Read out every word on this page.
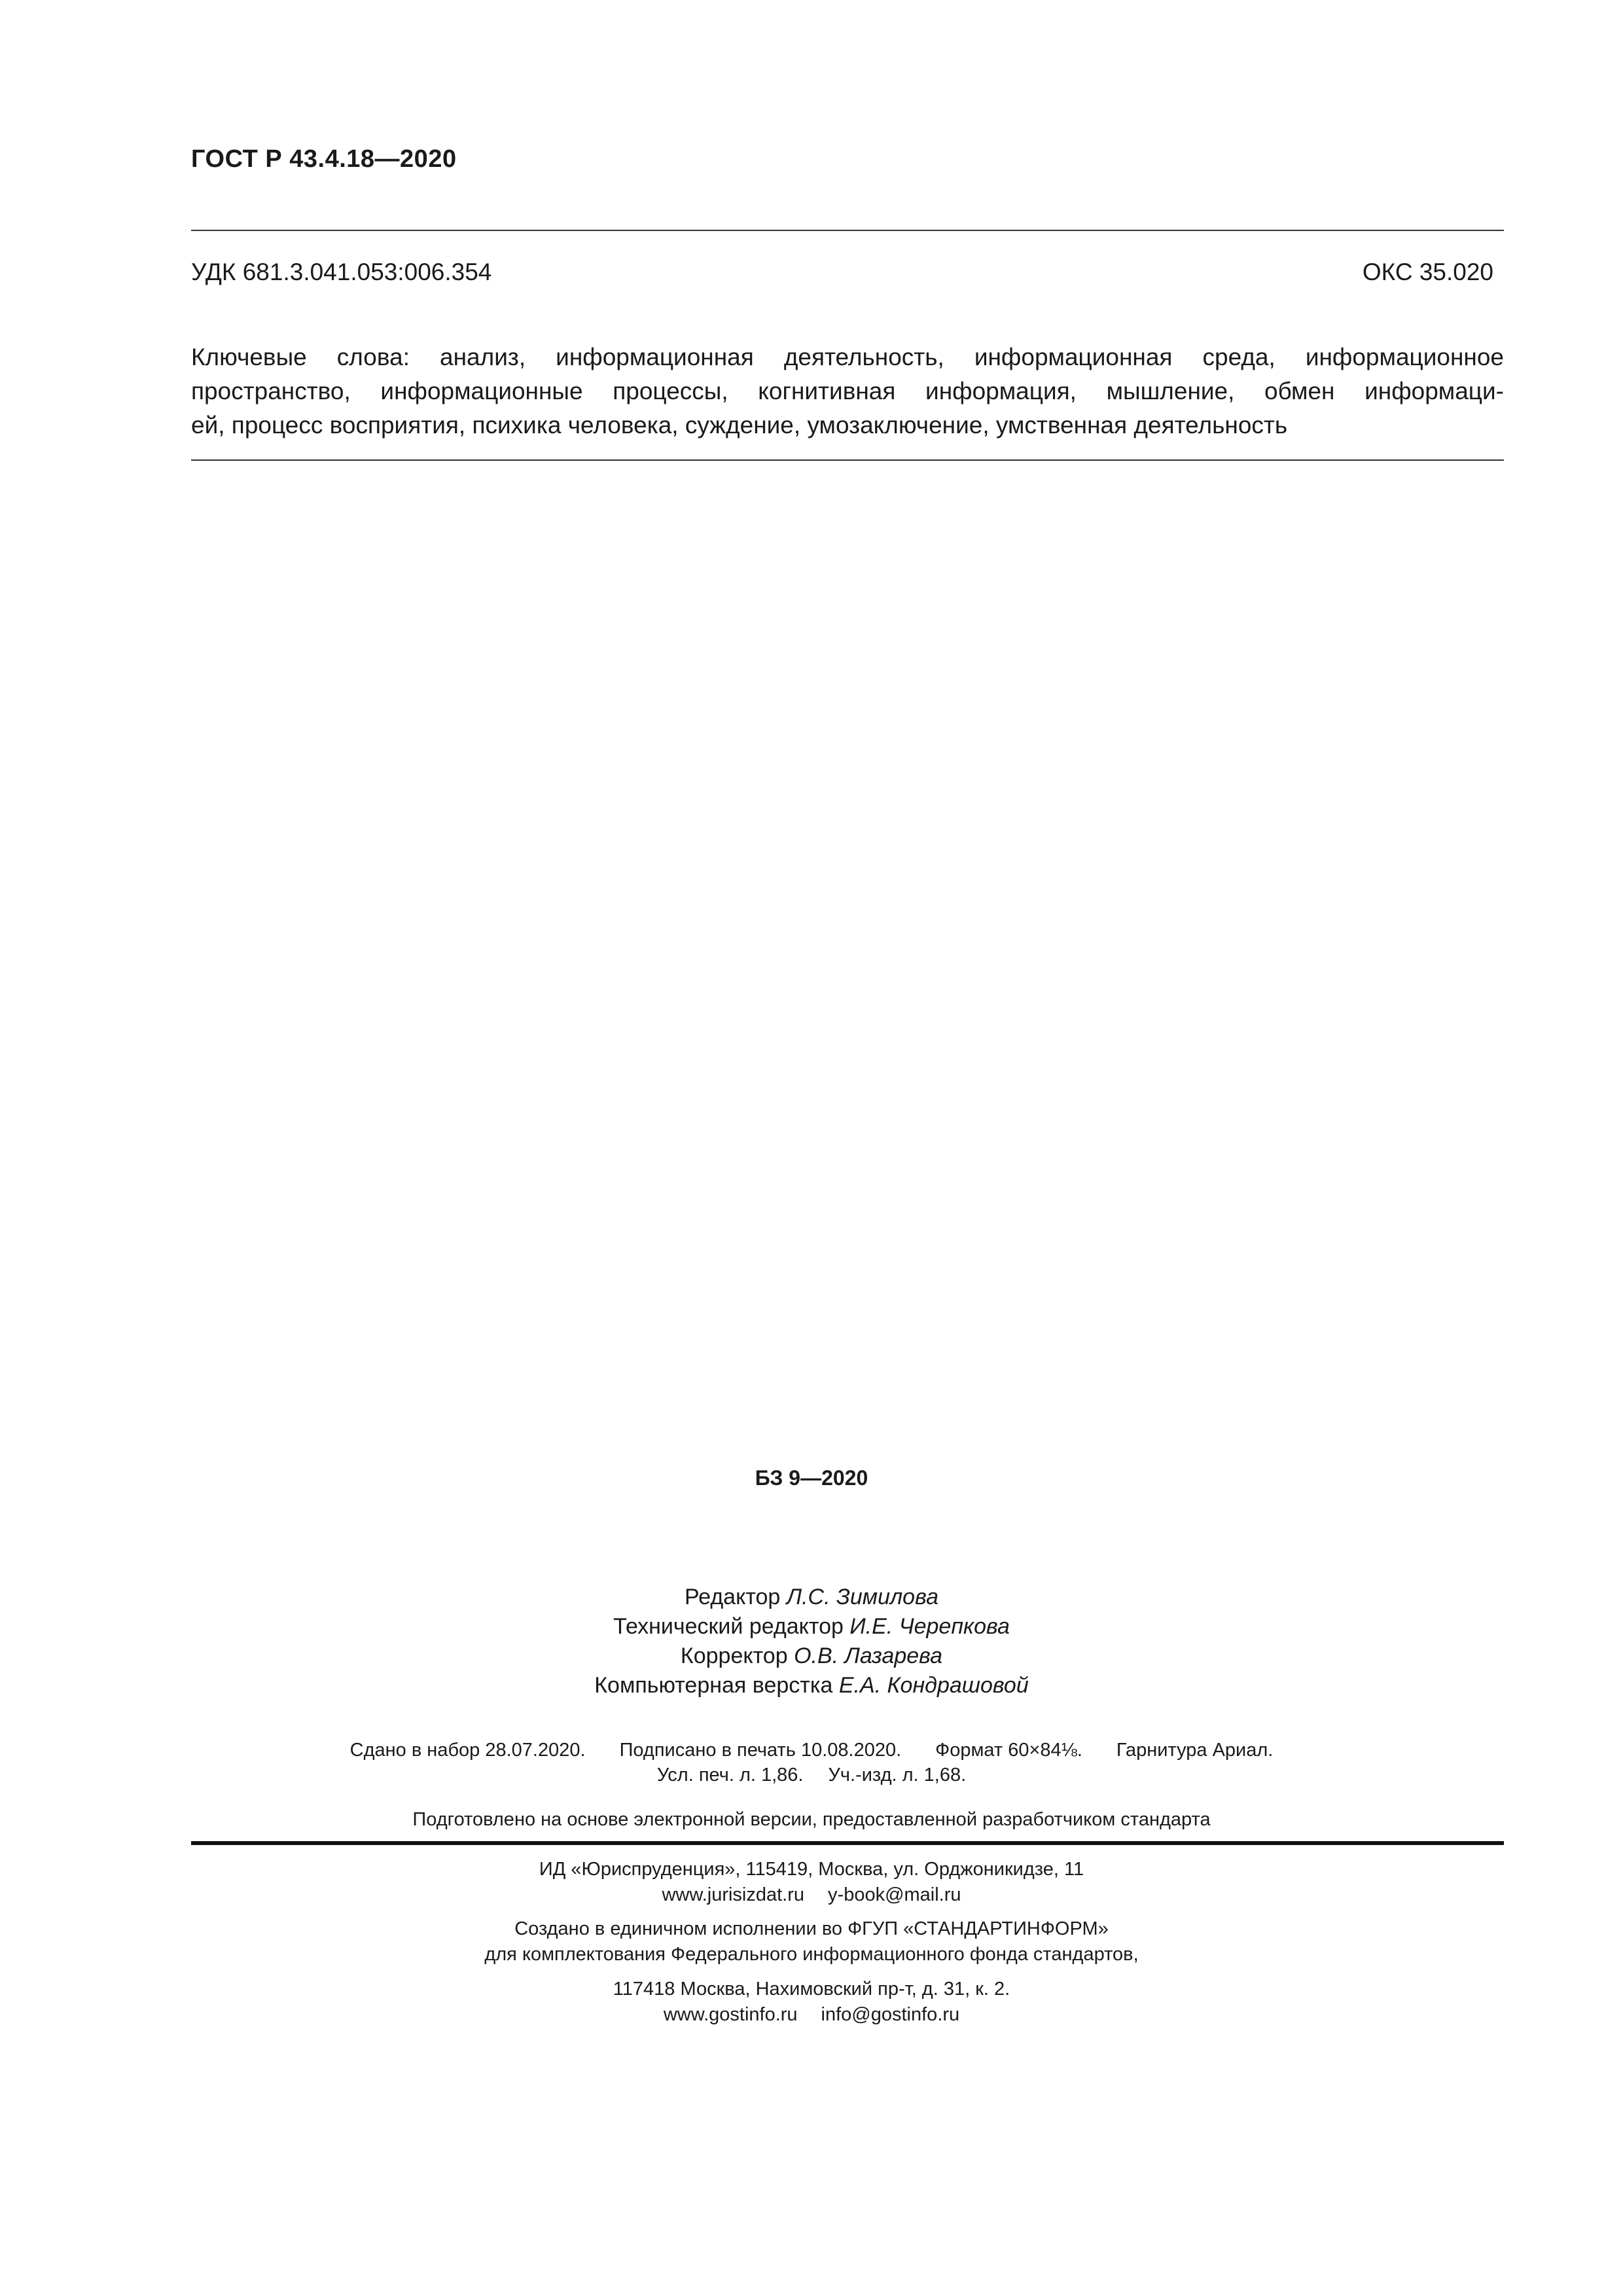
ГОСТ Р 43.4.18—2020
УДК 681.3.041.053:006.354	ОКС 35.020
Ключевые слова: анализ, информационная деятельность, информационная среда, информационное
пространство, информационные процессы, когнитивная информация, мышление, обмен информаци-
ей, процесс восприятия, психика человека, суждение, умозаключение, умственная деятельность
БЗ 9—2020
Редактор Л.С. Зимилова
Технический редактор И.Е. Черепкова
Корректор О.В. Лазарева
Компьютерная верстка Е.А. Кондрашовой
Сдано в набор 28.07.2020. Подписано в печать 10.08.2020. Формат 60×84⅛. Гарнитура Ариал.
Усл. печ. л. 1,86. Уч.-изд. л. 1,68.
Подготовлено на основе электронной версии, предоставленной разработчиком стандарта
ИД «Юриспруденция», 115419, Москва, ул. Орджоникидзе, 11
www.jurisizdat.ru y-book@mail.ru
Создано в единичном исполнении во ФГУП «СТАНДАРТИНФОРМ»
для комплектования Федерального информационного фонда стандартов,
117418 Москва, Нахимовский пр-т, д. 31, к. 2.
www.gostinfo.ru info@gostinfo.ru
